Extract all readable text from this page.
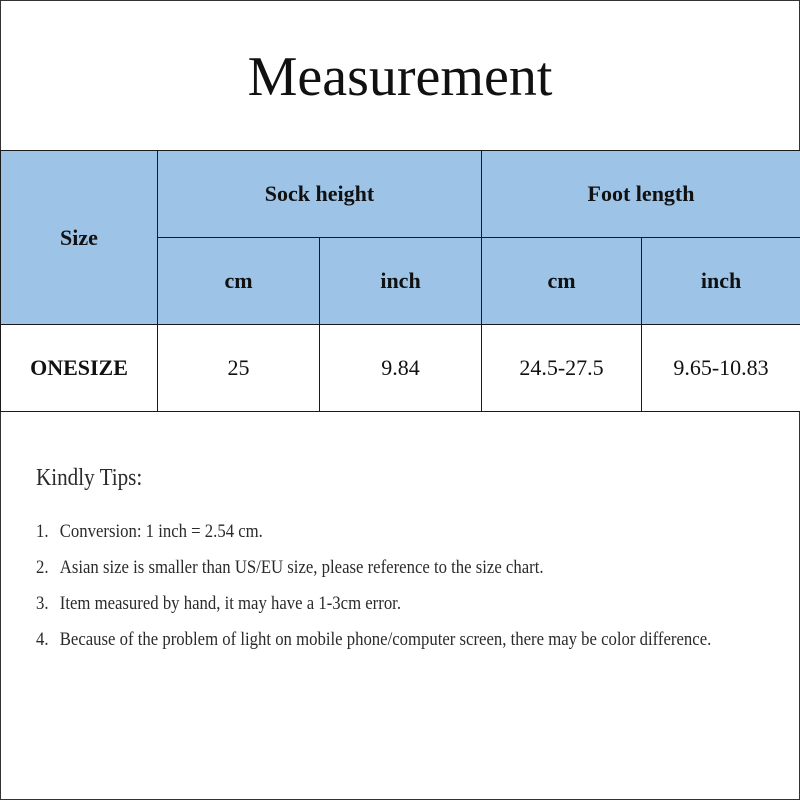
Measurement
Size	Sock height		Foot length	
	cm	inch	cm	inch
ONESIZE	25	9.84	24.5-27.5	9.65-10.83
Kindly Tips:
1. Conversion: 1 inch = 2.54 cm.
2. Asian size is smaller than US/EU size, please reference to the size chart.
3. Item measured by hand, it may have a 1-3cm error.
4. Because of the problem of light on mobile phone/computer screen, there may be color difference.
